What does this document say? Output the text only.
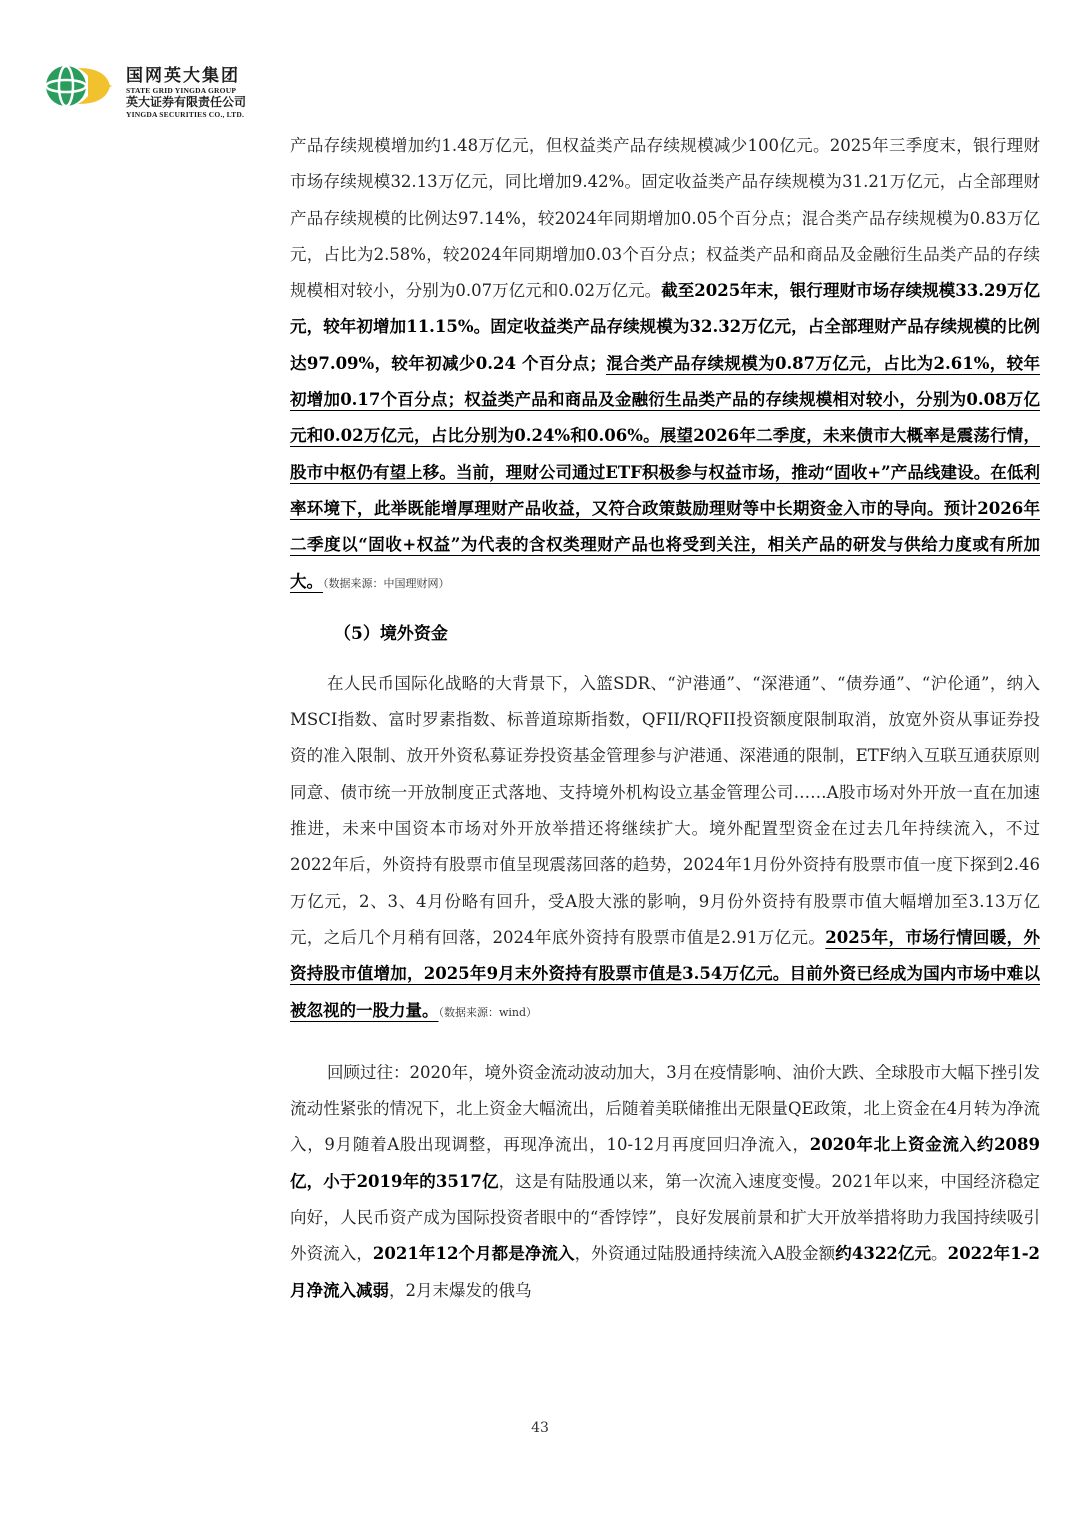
国网英大集团
STATE GRID YINGDA GROUP
英大证券有限责任公司
YINGDA SECURITIES CO., LTD.

产品存续规模增加约1.48万亿元，但权益类产品存续规模减少100亿元。2025年三季度末，银行理财市场存续规模32.13万亿元，同比增加9.42%。固定收益类产品存续规模为31.21万亿元，占全部理财产品存续规模的比例达97.14%，较2024年同期增加0.05个百分点；混合类产品存续规模为0.83万亿元，占比为2.58%，较2024年同期增加0.03个百分点；权益类产品和商品及金融衍生品类产品的存续规模相对较小，分别为0.07万亿元和0.02万亿元。截至2025年末，银行理财市场存续规模33.29万亿元，较年初增加11.15%。固定收益类产品存续规模为32.32万亿元，占全部理财产品存续规模的比例达97.09%，较年初减少0.24 个百分点；混合类产品存续规模为0.87万亿元，占比为2.61%，较年初增加0.17个百分点；权益类产品和商品及金融衍生品类产品的存续规模相对较小，分别为0.08万亿元和0.02万亿元，占比分别为0.24%和0.06%。展望2026年二季度，未来债市大概率是震荡行情，股市中枢仍有望上移。当前，理财公司通过ETF积极参与权益市场，推动“固收+”产品线建设。在低利率环境下，此举既能增厚理财产品收益，又符合政策鼓励理财等中长期资金入市的导向。预计2026年二季度以“固收+权益”为代表的含权类理财产品也将受到关注，相关产品的研发与供给力度或有所加大。（数据来源：中国理财网）

（5）境外资金

在人民币国际化战略的大背景下，入篮SDR、“沪港通”、“深港通”、“债券通”、“沪伦通”，纳入MSCI指数、富时罗素指数、标普道琼斯指数，QFII/RQFII投资额度限制取消，放宽外资从事证券投资的准入限制、放开外资私募证券投资基金管理参与沪港通、深港通的限制，ETF纳入互联互通获原则同意、债市统一开放制度正式落地、支持境外机构设立基金管理公司……A股市场对外开放一直在加速推进，未来中国资本市场对外开放举措还将继续扩大。境外配置型资金在过去几年持续流入，不过2022年后，外资持有股票市值呈现震荡回落的趋势，2024年1月份外资持有股票市值一度下探到2.46万亿元，2、3、4月份略有回升，受A股大涨的影响，9月份外资持有股票市值大幅增加至3.13万亿元，之后几个月稍有回落，2024年底外资持有股票市值是2.91万亿元。2025年，市场行情回暖，外资持股市值增加，2025年9月末外资持有股票市值是3.54万亿元。目前外资已经成为国内市场中难以被忽视的一股力量。（数据来源：wind）

回顾过往：2020年，境外资金流动波动加大，3月在疫情影响、油价大跌、全球股市大幅下挫引发流动性紧张的情况下，北上资金大幅流出，后随着美联储推出无限量QE政策，北上资金在4月转为净流入，9月随着A股出现调整，再现净流出，10-12月再度回归净流入，2020年北上资金流入约2089亿，小于2019年的3517亿，这是有陆股通以来，第一次流入速度变慢。2021年以来，中国经济稳定向好，人民币资产成为国际投资者眼中的“香饽饽”，良好发展前景和扩大开放举措将助力我国持续吸引外资流入，2021年12个月都是净流入，外资通过陆股通持续流入A股金额约4322亿元。2022年1-2月净流入减弱，2月末爆发的俄乌

43
